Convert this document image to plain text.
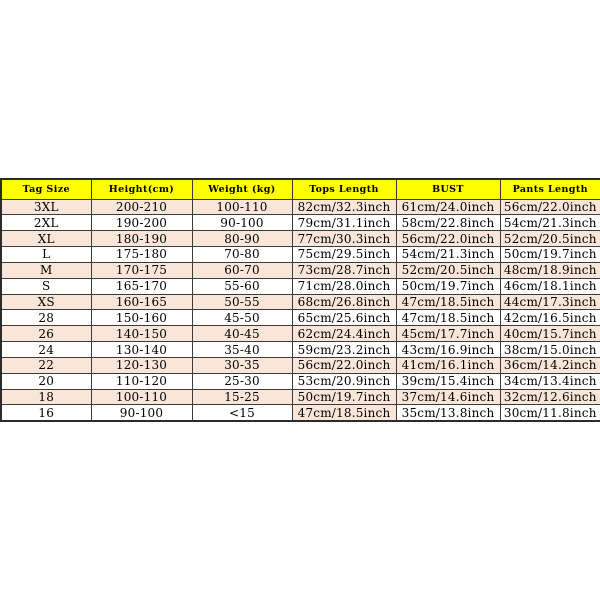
Tag Size	Height(cm)	Weight (kg)	Tops Length	BUST	Pants Length
3XL	200-210	100-110	82cm/32.3inch	61cm/24.0inch	56cm/22.0inch
2XL	190-200	90-100	79cm/31.1inch	58cm/22.8inch	54cm/21.3inch
XL	180-190	80-90	77cm/30.3inch	56cm/22.0inch	52cm/20.5inch
L	175-180	70-80	75cm/29.5inch	54cm/21.3inch	50cm/19.7inch
M	170-175	60-70	73cm/28.7inch	52cm/20.5inch	48cm/18.9inch
S	165-170	55-60	71cm/28.0inch	50cm/19.7inch	46cm/18.1inch
XS	160-165	50-55	68cm/26.8inch	47cm/18.5inch	44cm/17.3inch
28	150-160	45-50	65cm/25.6inch	47cm/18.5inch	42cm/16.5inch
26	140-150	40-45	62cm/24.4inch	45cm/17.7inch	40cm/15.7inch
24	130-140	35-40	59cm/23.2inch	43cm/16.9inch	38cm/15.0inch
22	120-130	30-35	56cm/22.0inch	41cm/16.1inch	36cm/14.2inch
20	110-120	25-30	53cm/20.9inch	39cm/15.4inch	34cm/13.4inch
18	100-110	15-25	50cm/19.7inch	37cm/14.6inch	32cm/12.6inch
16	90-100	<15	47cm/18.5inch	35cm/13.8inch	30cm/11.8inch
